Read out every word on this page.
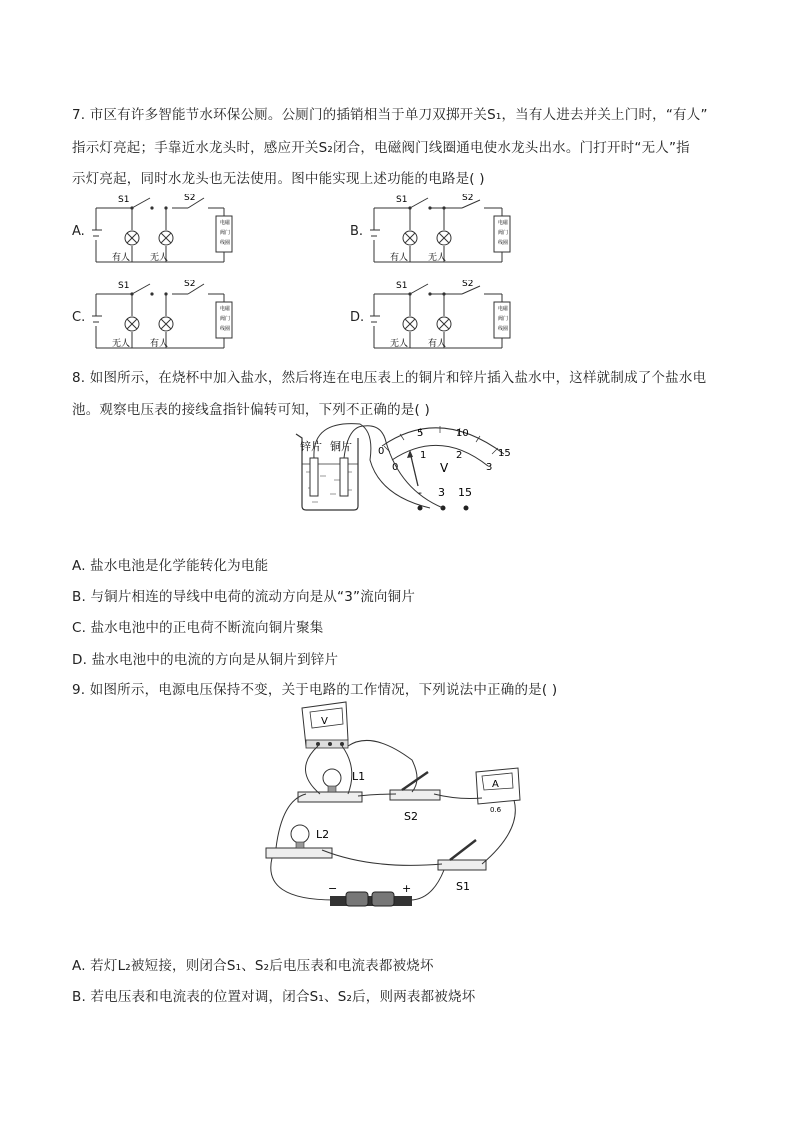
7. 市区有许多智能节水环保公厕。公厕门的插销相当于单刀双掷开关S₁，当有人进去并关上门时，“有人”
指示灯亮起；手靠近水龙头时，感应开关S₂闭合，电磁阀门线圈通电使水龙头出水。门打开时“无人”指
示灯亮起，同时水龙头也无法使用。图中能实现上述功能的电路是( )
A.
S1	S2
有人 无人
电 磁
阀 门
线 圈
B.
S1	S2
有人 无人
电 磁
阀 门
线 圈
C.
S1	S2
无人 有人
电 磁
阀 门
线 圈
D.
S1	S2
无人 有人
电 磁
阀 门
线 圈
8. 如图所示，在烧杯中加入盐水，然后将连在电压表上的铜片和锌片插入盐水中，这样就制成了个盐水电
池。观察电压表的接线盒指针偏转可知，下列不正确的是( )
锌片 铜片	0
5	10
15
0
1	2
3
V
- 3 15
A. 盐水电池是化学能转化为电能
B. 与铜片相连的导线中电荷的流动方向是从“3”流向铜片
C. 盐水电池中的正电荷不断流向铜片聚集
D. 盐水电池中的电流的方向是从铜片到锌片
9. 如图所示，电源电压保持不变，关于电路的工作情况，下列说法中正确的是( )
V
L1
S2
A
0.6
L2
S1
−	+
A. 若灯L₂被短接，则闭合S₁、S₂后电压表和电流表都被烧坏
B. 若电压表和电流表的位置对调，闭合S₁、S₂后，则两表都被烧坏
